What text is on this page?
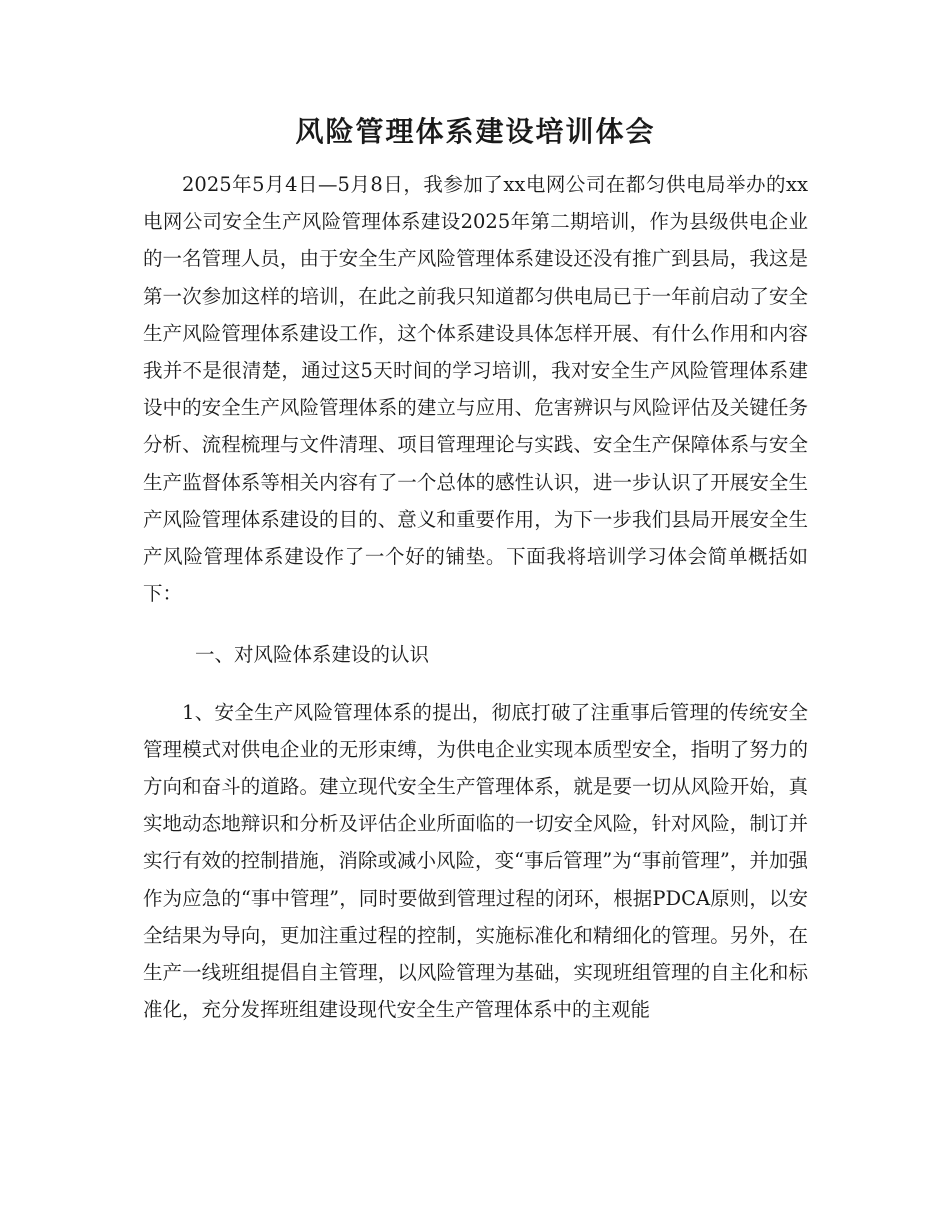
风险管理体系建设培训体会

2025年5月4日—5月8日，我参加了xx电网公司在都匀供电局举办的xx电网公司安全生产风险管理体系建设2025年第二期培训，作为县级供电企业的一名管理人员，由于安全生产风险管理体系建设还没有推广到县局，我这是第一次参加这样的培训，在此之前我只知道都匀供电局已于一年前启动了安全生产风险管理体系建设工作，这个体系建设具体怎样开展、有什么作用和内容我并不是很清楚，通过这5天时间的学习培训，我对安全生产风险管理体系建设中的安全生产风险管理体系的建立与应用、危害辨识与风险评估及关键任务分析、流程梳理与文件清理、项目管理理论与实践、安全生产保障体系与安全生产监督体系等相关内容有了一个总体的感性认识，进一步认识了开展安全生产风险管理体系建设的目的、意义和重要作用，为下一步我们县局开展安全生产风险管理体系建设作了一个好的铺垫。下面我将培训学习体会简单概括如下：

一、对风险体系建设的认识

1、安全生产风险管理体系的提出，彻底打破了注重事后管理的传统安全管理模式对供电企业的无形束缚，为供电企业实现本质型安全，指明了努力的方向和奋斗的道路。建立现代安全生产管理体系，就是要一切从风险开始，真实地动态地辩识和分析及评估企业所面临的一切安全风险，针对风险，制订并实行有效的控制措施，消除或减小风险，变“事后管理”为“事前管理”，并加强作为应急的“事中管理”，同时要做到管理过程的闭环，根据PDCA原则，以安全结果为导向，更加注重过程的控制，实施标准化和精细化的管理。另外，在生产一线班组提倡自主管理，以风险管理为基础，实现班组管理的自主化和标准化，充分发挥班组建设现代安全生产管理体系中的主观能
